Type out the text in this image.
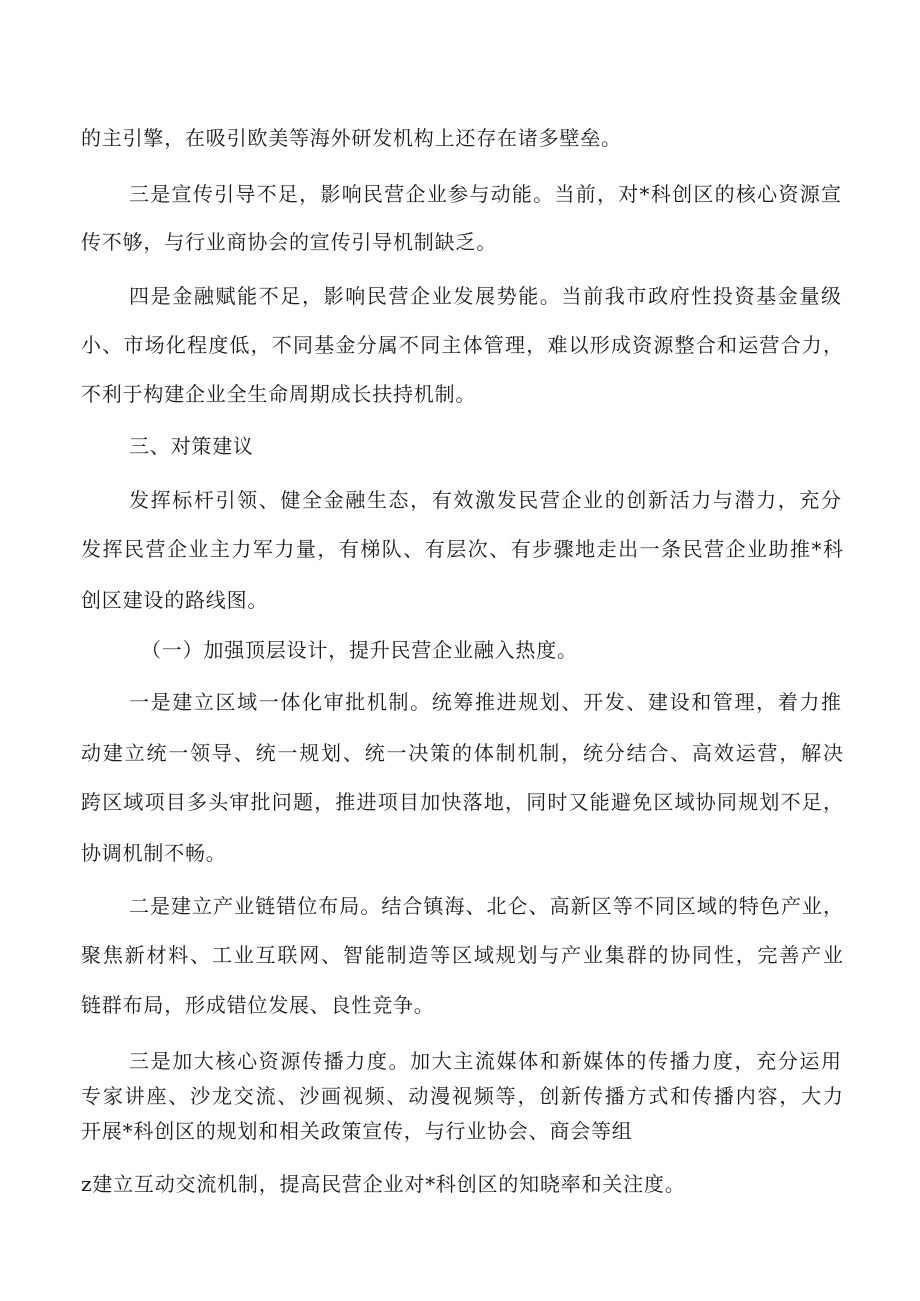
的主引擎，在吸引欧美等海外研发机构上还存在诸多壁垒。
三是宣传引导不足，影响民营企业参与动能。当前，对*科创区的核心资源宣
传不够，与行业商协会的宣传引导机制缺乏。
四是金融赋能不足，影响民营企业发展势能。当前我市政府性投资基金量级
小、市场化程度低，不同基金分属不同主体管理，难以形成资源整合和运营合力，
不利于构建企业全生命周期成长扶持机制。
三、对策建议
发挥标杆引领、健全金融生态，有效激发民营企业的创新活力与潜力，充分
发挥民营企业主力军力量，有梯队、有层次、有步骤地走出一条民营企业助推*科
创区建设的路线图。
（一）加强顶层设计，提升民营企业融入热度。
一是建立区域一体化审批机制。统筹推进规划、开发、建设和管理，着力推
动建立统一领导、统一规划、统一决策的体制机制，统分结合、高效运营，解决
跨区域项目多头审批问题，推进项目加快落地，同时又能避免区域协同规划不足，
协调机制不畅。
二是建立产业链错位布局。结合镇海、北仑、高新区等不同区域的特色产业，
聚焦新材料、工业互联网、智能制造等区域规划与产业集群的协同性，完善产业
链群布局，形成错位发展、良性竞争。
三是加大核心资源传播力度。加大主流媒体和新媒体的传播力度，充分运用
专家讲座、沙龙交流、沙画视频、动漫视频等，创新传播方式和传播内容，大力
开展*科创区的规划和相关政策宣传，与行业协会、商会等组
z建立互动交流机制，提高民营企业对*科创区的知晓率和关注度。
